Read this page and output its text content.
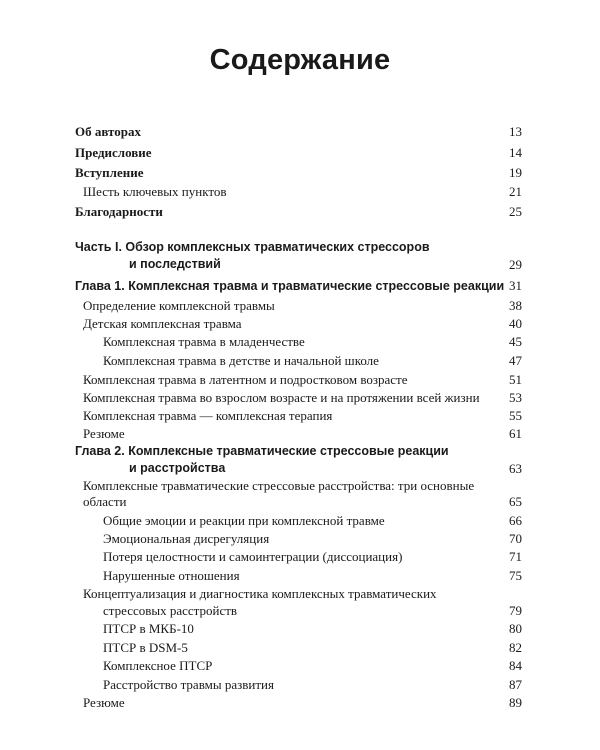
Содержание
Об авторах	13
Предисловие	14
Вступление	19
Шесть ключевых пунктов	21
Благодарности	25
Часть I. Обзор комплексных травматических стрессоров
и последствий	29
Глава 1. Комплексная травма и травматические стрессовые реакции 31
Определение комплексной травмы	38
Детская комплексная травма	40
Комплексная травма в младенчестве	45
Комплексная травма в детстве и начальной школе	47
Комплексная травма в латентном и подростковом возрасте	51
Комплексная травма во взрослом возрасте и на протяжении всей жизни 53
Комплексная травма — комплексная терапия	55
Резюме	61
Глава 2. Комплексные травматические стрессовые реакции
и расстройства	63
Комплексные травматические стрессовые расстройства: три основные
области	65
Общие эмоции и реакции при комплексной травме	66
Эмоциональная дисрегуляция	70
Потеря целостности и самоинтеграции (диссоциация)	71
Нарушенные отношения	75
Концептуализация и диагностика комплексных травматических
стрессовых расстройств	79
ПТСР в МКБ-10	80
ПТСР в DSM-5	82
Комплексное ПТСР	84
Расстройство травмы развития	87
Резюме	89
